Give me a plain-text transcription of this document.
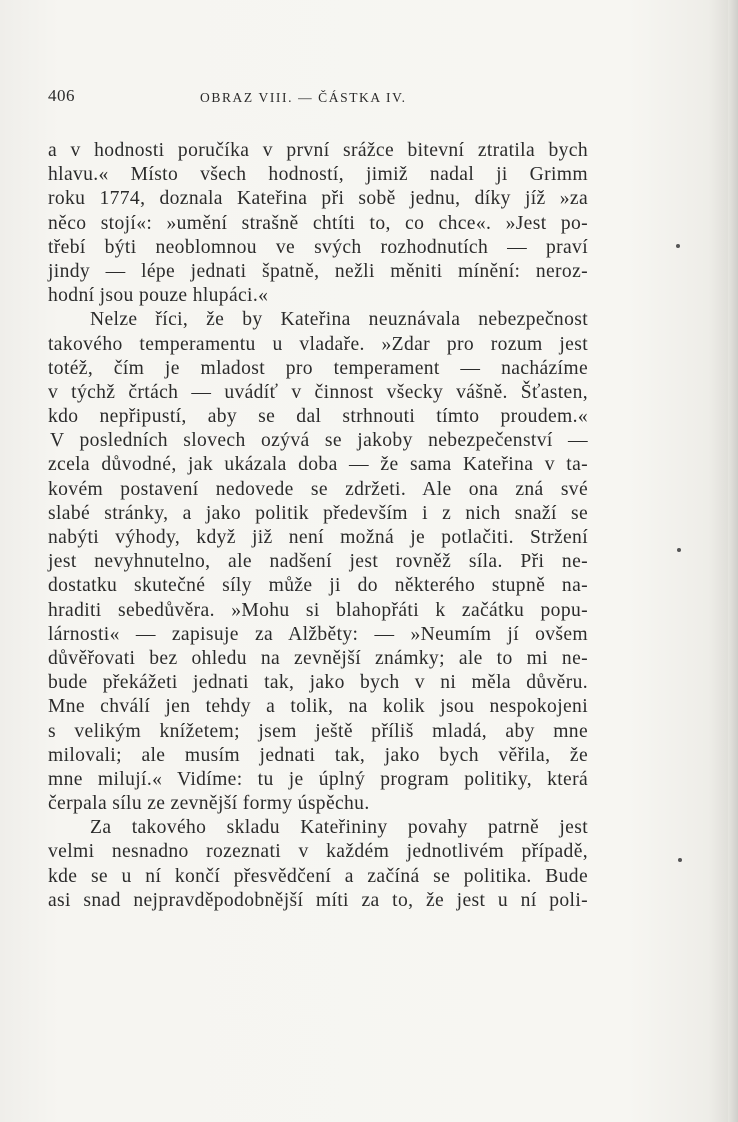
406	OBRAZ VIII. — ČÁSTKA IV.
a v hodnosti poručíka v první srážce bitevní ztratila bych
hlavu.« Místo všech hodností, jimiž nadal ji Grimm
roku 1774, doznala Kateřina při sobě jednu, díky jíž »za
něco stojí«: »umění strašně chtíti to, co chce«. »Jest po-
třebí býti neoblomnou ve svých rozhodnutích — praví
jindy — lépe jednati špatně, nežli měniti mínění: neroz-
hodní jsou pouze hlupáci.«
Nelze říci, že by Kateřina neuznávala nebezpečnost
takového temperamentu u vladaře. »Zdar pro rozum jest
totéž, čím je mladost pro temperament — nacházíme
v týchž črtách — uvádíť v činnost všecky vášně. Šťasten,
kdo nepřipustí, aby se dal strhnouti tímto proudem.«
V posledních slovech ozývá se jakoby nebezpečenství —
zcela důvodné, jak ukázala doba — že sama Kateřina v ta-
kovém postavení nedovede se zdržeti. Ale ona zná své
slabé stránky, a jako politik především i z nich snaží se
nabýti výhody, když již není možná je potlačiti. Stržení
jest nevyhnutelno, ale nadšení jest rovněž síla. Při ne-
dostatku skutečné síly může ji do některého stupně na-
hraditi sebedůvěra. »Mohu si blahopřáti k začátku popu-
lárnosti« — zapisuje za Alžběty: — »Neumím jí ovšem
důvěřovati bez ohledu na zevnější známky; ale to mi ne-
bude překážeti jednati tak, jako bych v ni měla důvěru.
Mne chválí jen tehdy a tolik, na kolik jsou nespokojeni
s velikým knížetem; jsem ještě příliš mladá, aby mne
milovali; ale musím jednati tak, jako bych věřila, že
mne milují.« Vidíme: tu je úplný program politiky, která
čerpala sílu ze zevnější formy úspěchu.
Za takového skladu Kateřininy povahy patrně jest
velmi nesnadno rozeznati v každém jednotlivém případě,
kde se u ní končí přesvědčení a začíná se politika. Bude
asi snad nejpravděpodobnější míti za to, že jest u ní poli-
